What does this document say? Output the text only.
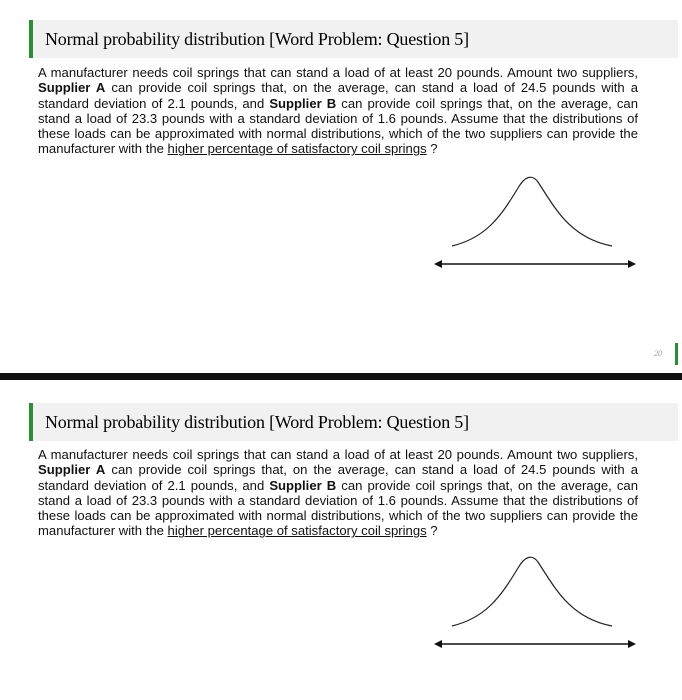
Normal probability distribution [Word Problem: Question 5]
A manufacturer needs coil springs that can stand a load of at least 20 pounds. Amount two suppliers, Supplier A can provide coil springs that, on the average, can stand a load of 24.5 pounds with a standard deviation of 2.1 pounds, and Supplier B can provide coil springs that, on the average, can stand a load of 23.3 pounds with a standard deviation of 1.6 pounds. Assume that the distributions of these loads can be approximated with normal distributions, which of the two suppliers can provide the manufacturer with the higher percentage of satisfactory coil springs ?
20
Normal probability distribution [Word Problem: Question 5]
A manufacturer needs coil springs that can stand a load of at least 20 pounds. Amount two suppliers, Supplier A can provide coil springs that, on the average, can stand a load of 24.5 pounds with a standard deviation of 2.1 pounds, and Supplier B can provide coil springs that, on the average, can stand a load of 23.3 pounds with a standard deviation of 1.6 pounds. Assume that the distributions of these loads can be approximated with normal distributions, which of the two suppliers can provide the manufacturer with the higher percentage of satisfactory coil springs ?
